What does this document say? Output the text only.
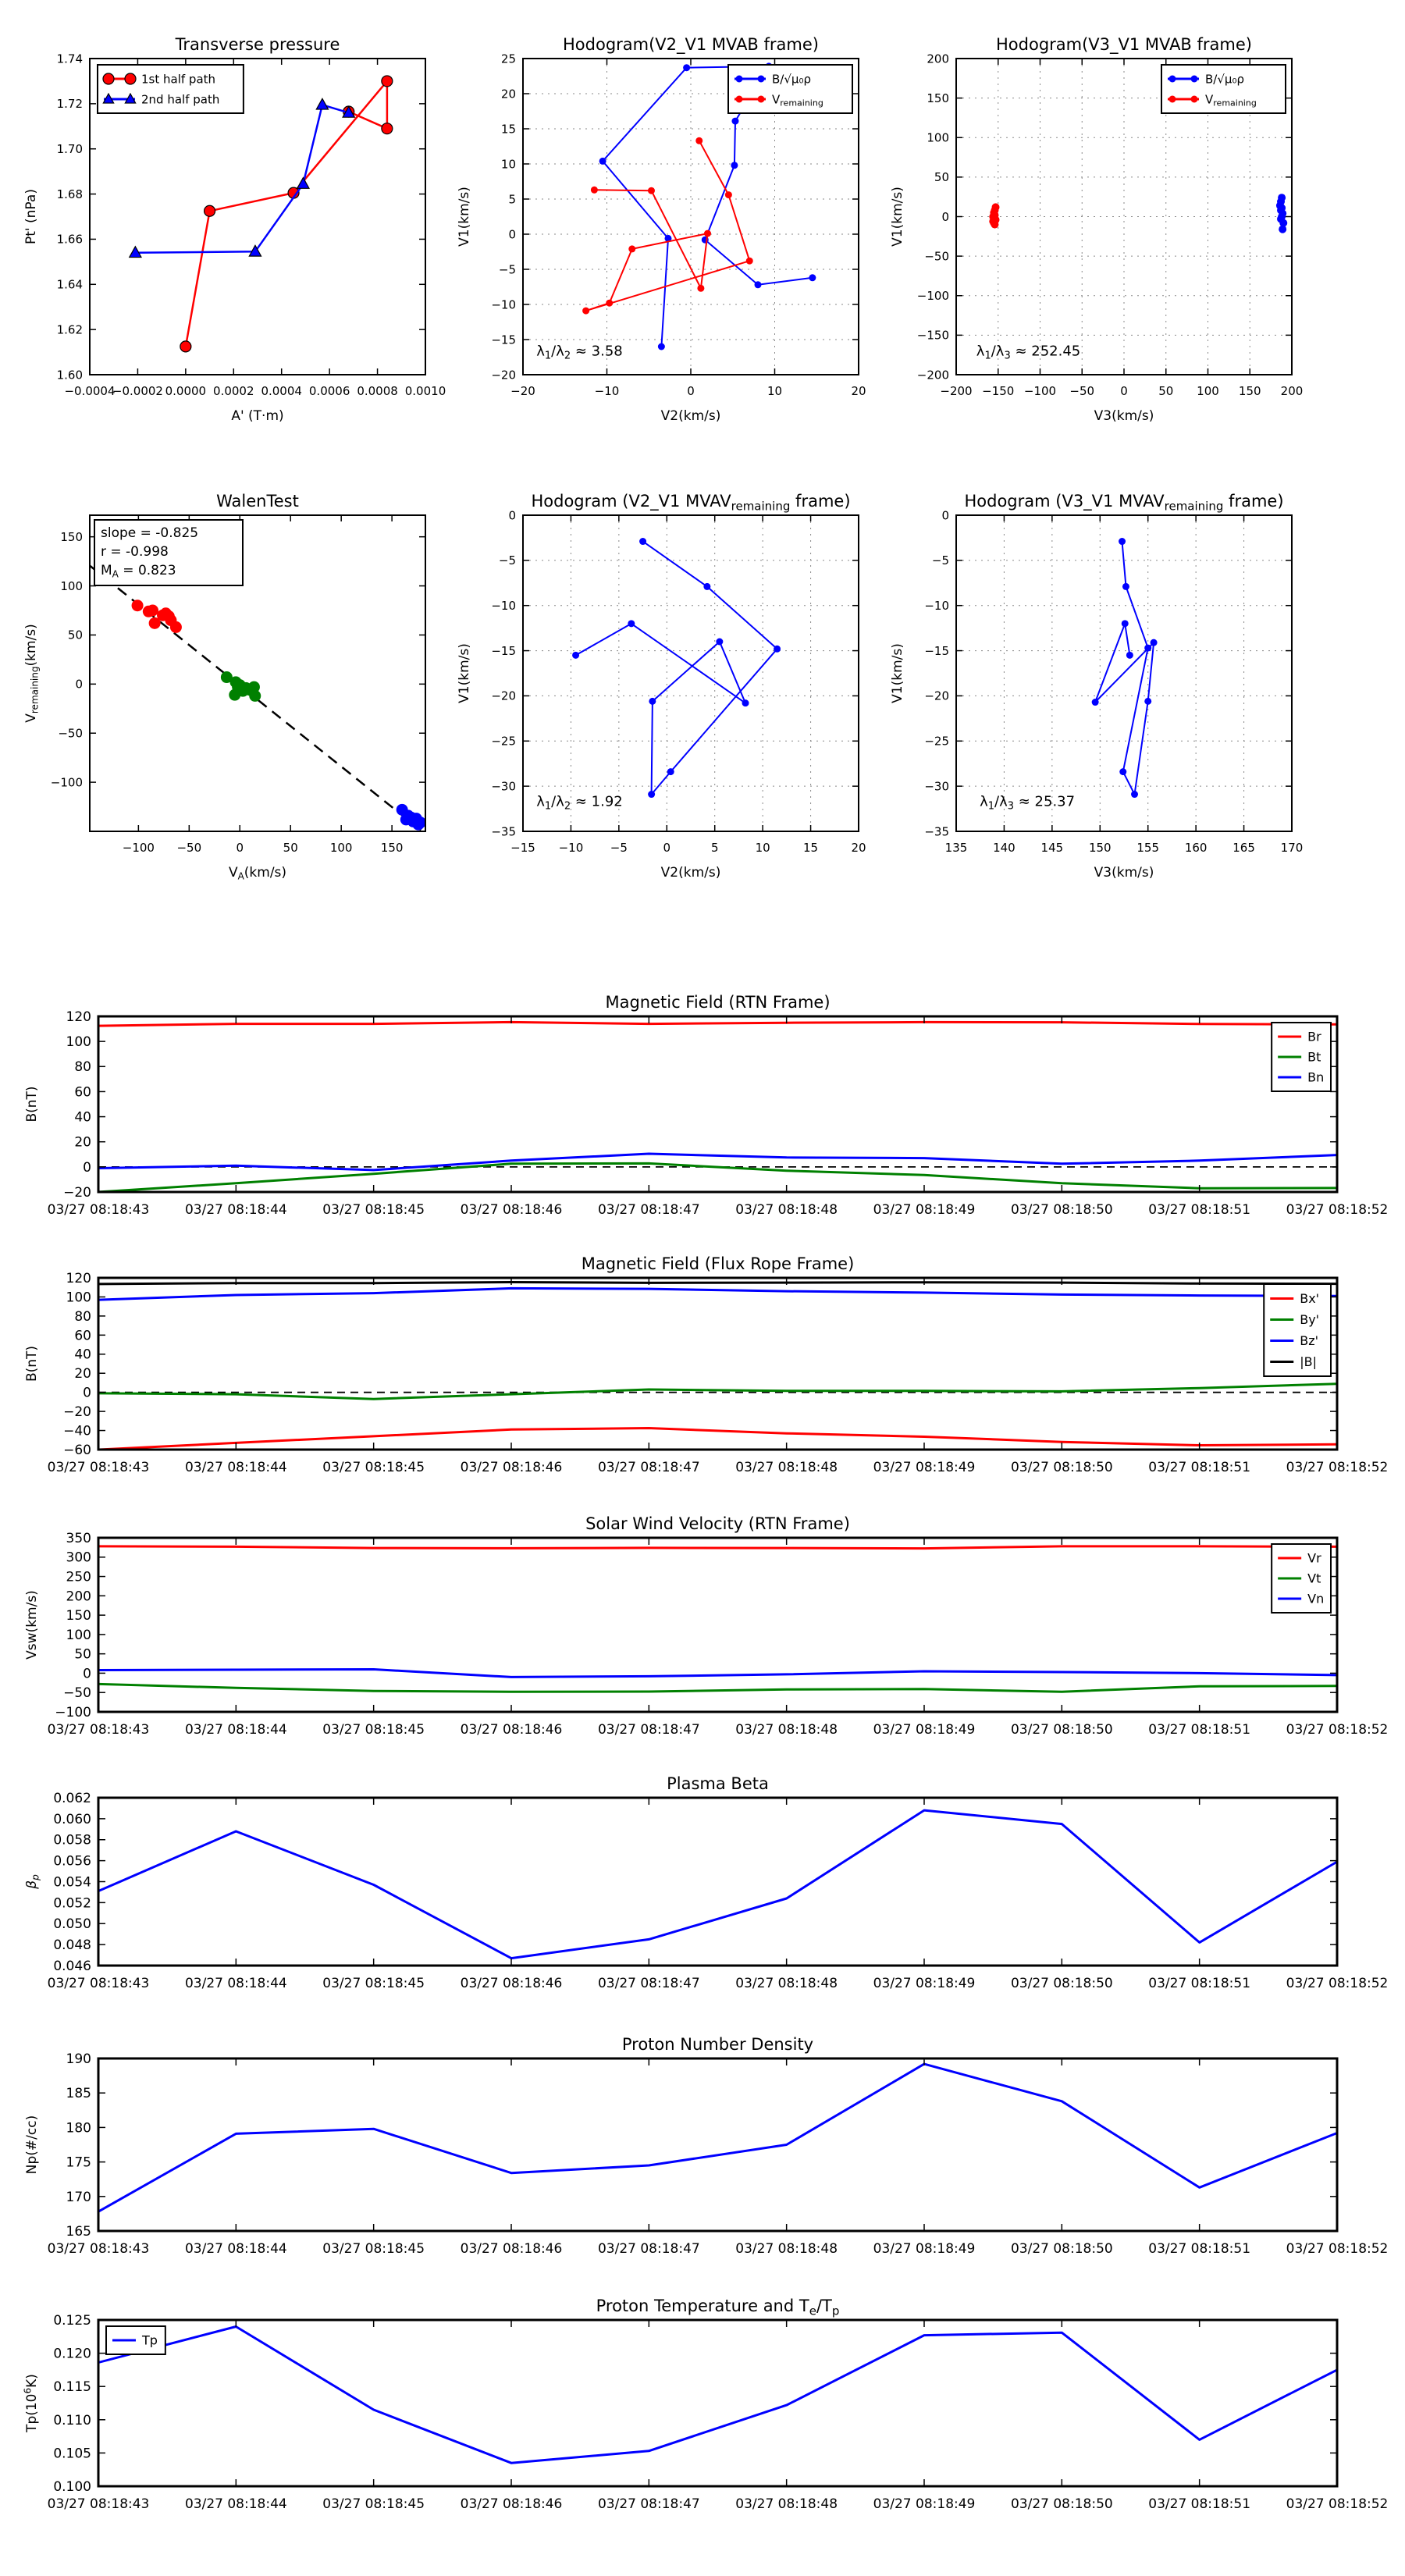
−0.0004
−0.0002 0.0000 0.0002 0.0004 0.0006 0.0008 0.0010
1.60
1.62
1.64
1.66
1.68
1.70
1.72
1.74
Transverse pressure
A' (T·m)
Pt' (nPa)
1st half path
2nd half path
−20	−10	0	10	20
−20
−15
−10
−5
0
5
10
15
20
25
Hodogram(V2_V1 MVAB frame)
V2(km/s)
V1(km/s)
$\lambda_1/\lambda_2 \approx 3.58$
B/√μ₀ρ
$V_{remaining}$
−200 −150 −100 −50 0	50 100 150 200
−200
−150
−100
−50
0
50
100
150
200
Hodogram(V3_V1 MVAB frame)
V3(km/s)
V1(km/s)
$\lambda_1/\lambda_3 \approx 252.45$
B/√μ₀ρ
$V_{remaining}$
−100 −50	0	50	100 150
−100
−50
0
50
100
150
WalenTest
$V_A(km/s)$
$V_{remaining}(km/s)$
slope = -0.825
r = -0.998
$M_A = 0.823$
−15 −10 −5	0	5	10	15	20
−35
−30
−25
−20
−15
−10
−5
0
Hodogram (V2_V1 $MVAV_{remaining}$ frame)
V2(km/s)
V1(km/s)
$\lambda_1/\lambda_2 \approx 1.92$
135 140 145 150 155 160 165 170
−35
−30
−25
−20
−15
−10
−5
0
Hodogram (V3_V1 $MVAV_{remaining}$ frame)
V3(km/s)
V1(km/s)
$\lambda_1/\lambda_3 \approx 25.37$
03/27 08:18:43	03/27 08:18:44	03/27 08:18:45	03/27 08:18:46	03/27 08:18:47	03/27 08:18:48	03/27 08:18:49	03/27 08:18:50	03/27 08:18:51	03/27 08:18:52
−20
0
20
40
60
80
100
120
Magnetic Field (RTN Frame)
B(nT)
Br
Bt
Bn
03/27 08:18:43	03/27 08:18:44	03/27 08:18:45	03/27 08:18:46	03/27 08:18:47	03/27 08:18:48	03/27 08:18:49	03/27 08:18:50	03/27 08:18:51	03/27 08:18:52
−60
−40
−20
0
20
40
60
80
100
120
Magnetic Field (Flux Rope Frame)
B(nT)
Bx'
By'
Bz'
|B|
03/27 08:18:43	03/27 08:18:44	03/27 08:18:45	03/27 08:18:46	03/27 08:18:47	03/27 08:18:48	03/27 08:18:49	03/27 08:18:50	03/27 08:18:51	03/27 08:18:52
−100
−50
0
50
100
150
200
250
300
350
Solar Wind Velocity (RTN Frame)
Vsw(km/s)
Vr
Vt
Vn
03/27 08:18:43	03/27 08:18:44	03/27 08:18:45	03/27 08:18:46	03/27 08:18:47	03/27 08:18:48	03/27 08:18:49	03/27 08:18:50	03/27 08:18:51	03/27 08:18:52
0.046
0.048
0.050
0.052
0.054
0.056
0.058
0.060
0.062
Plasma Beta
$\beta_p$
03/27 08:18:43	03/27 08:18:44	03/27 08:18:45	03/27 08:18:46	03/27 08:18:47	03/27 08:18:48	03/27 08:18:49	03/27 08:18:50	03/27 08:18:51	03/27 08:18:52
165
170
175
180
185
190
Proton Number Density
Np(#/cc)
03/27 08:18:43	03/27 08:18:44	03/27 08:18:45	03/27 08:18:46	03/27 08:18:47	03/27 08:18:48	03/27 08:18:49	03/27 08:18:50	03/27 08:18:51	03/27 08:18:52
0.100
0.105
0.110
0.115
0.120
0.125
Proton Temperature and $T_e/T_p$
$Tp(10^6K)$
Tp
